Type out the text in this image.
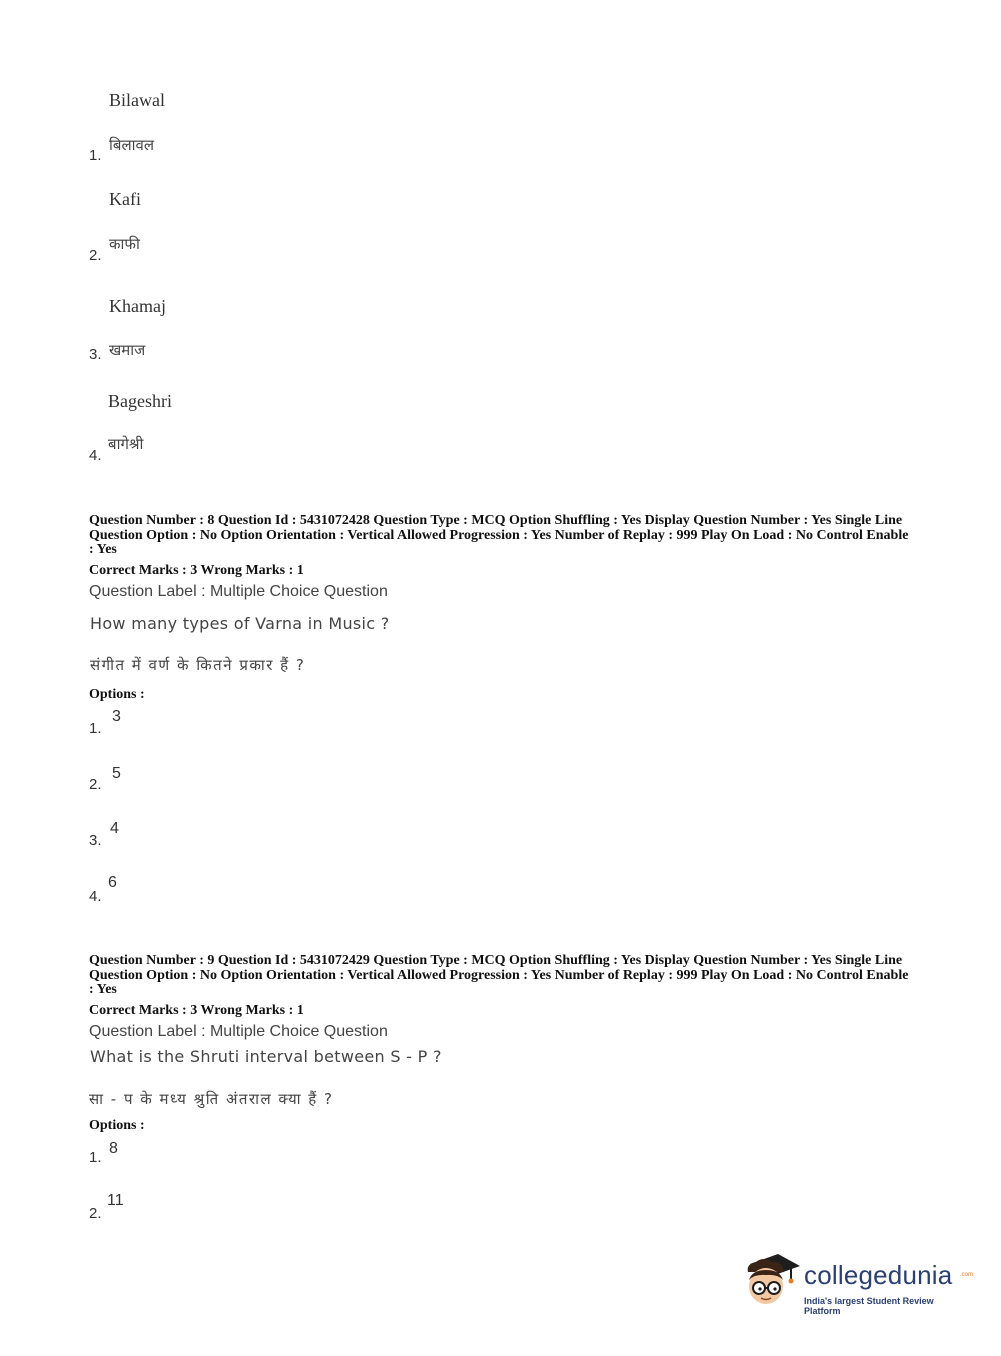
Bilawal
बिलावल
1.
Kafi
काफी
2.
Khamaj
खमाज
3.
Bageshri
बागेश्री
4.
Question Number : 8 Question Id : 5431072428 Question Type : MCQ Option Shuffling : Yes Display Question Number : Yes Single Line Question Option : No Option Orientation : Vertical Allowed Progression : Yes Number of Replay : 999 Play On Load : No Control Enable : Yes
Correct Marks : 3 Wrong Marks : 1
Question Label : Multiple Choice Question
How many types of Varna in Music ?
संगीत में वर्ण के कितने प्रकार हैं ?
Options :
3
1.
5
2.
4
3.
6
4.
Question Number : 9 Question Id : 5431072429 Question Type : MCQ Option Shuffling : Yes Display Question Number : Yes Single Line Question Option : No Option Orientation : Vertical Allowed Progression : Yes Number of Replay : 999 Play On Load : No Control Enable : Yes
Correct Marks : 3 Wrong Marks : 1
Question Label : Multiple Choice Question
What is the Shruti interval between S - P ?
सा - प के मध्य श्रुति अंतराल क्या हैं ?
Options :
8
1.
11
2.
collegedunia .com
India's largest Student Review Platform
